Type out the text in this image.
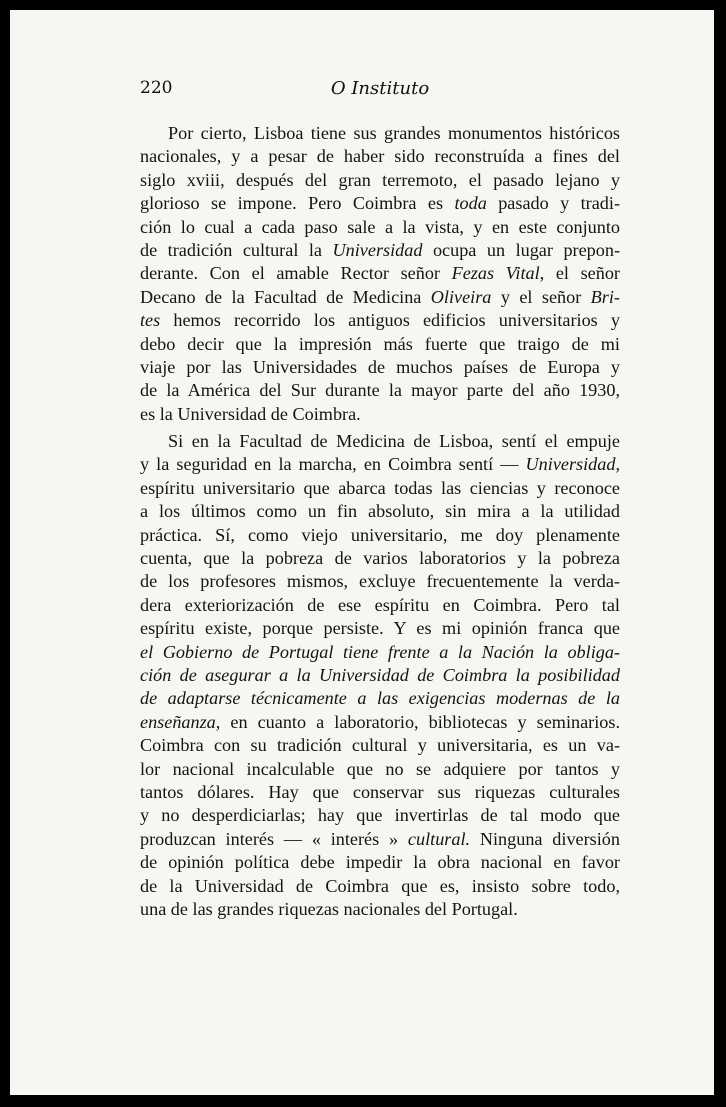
220	O Instituto
Por cierto, Lisboa tiene sus grandes monumentos históricos
nacionales, y a pesar de haber sido reconstruída a fines del
siglo xviii, después del gran terremoto, el pasado lejano y
glorioso se impone. Pero Coimbra es toda pasado y tradi-
ción lo cual a cada paso sale a la vista, y en este conjunto
de tradición cultural la Universidad ocupa un lugar prepon-
derante. Con el amable Rector señor Fezas Vital, el señor
Decano de la Facultad de Medicina Oliveira y el señor Bri-
tes hemos recorrido los antiguos edificios universitarios y
debo decir que la impresión más fuerte que traigo de mi
viaje por las Universidades de muchos países de Europa y
de la América del Sur durante la mayor parte del año 1930,
es la Universidad de Coimbra.
Si en la Facultad de Medicina de Lisboa, sentí el empuje
y la seguridad en la marcha, en Coimbra sentí — Universidad,
espíritu universitario que abarca todas las ciencias y reconoce
a los últimos como un fin absoluto, sin mira a la utilidad
práctica. Sí, como viejo universitario, me doy plenamente
cuenta, que la pobreza de varios laboratorios y la pobreza
de los profesores mismos, excluye frecuentemente la verda-
dera exteriorización de ese espíritu en Coimbra. Pero tal
espíritu existe, porque persiste. Y es mi opinión franca que
el Gobierno de Portugal tiene frente a la Nación la obliga-
ción de asegurar a la Universidad de Coimbra la posibilidad
de adaptarse técnicamente a las exigencias modernas de la
enseñanza, en cuanto a laboratorio, bibliotecas y seminarios.
Coimbra con su tradición cultural y universitaria, es un va-
lor nacional incalculable que no se adquiere por tantos y
tantos dólares. Hay que conservar sus riquezas culturales
y no desperdiciarlas; hay que invertirlas de tal modo que
produzcan interés — « interés » cultural. Ninguna diversión
de opinión política debe impedir la obra nacional en favor
de la Universidad de Coimbra que es, insisto sobre todo,
una de las grandes riquezas nacionales del Portugal.
